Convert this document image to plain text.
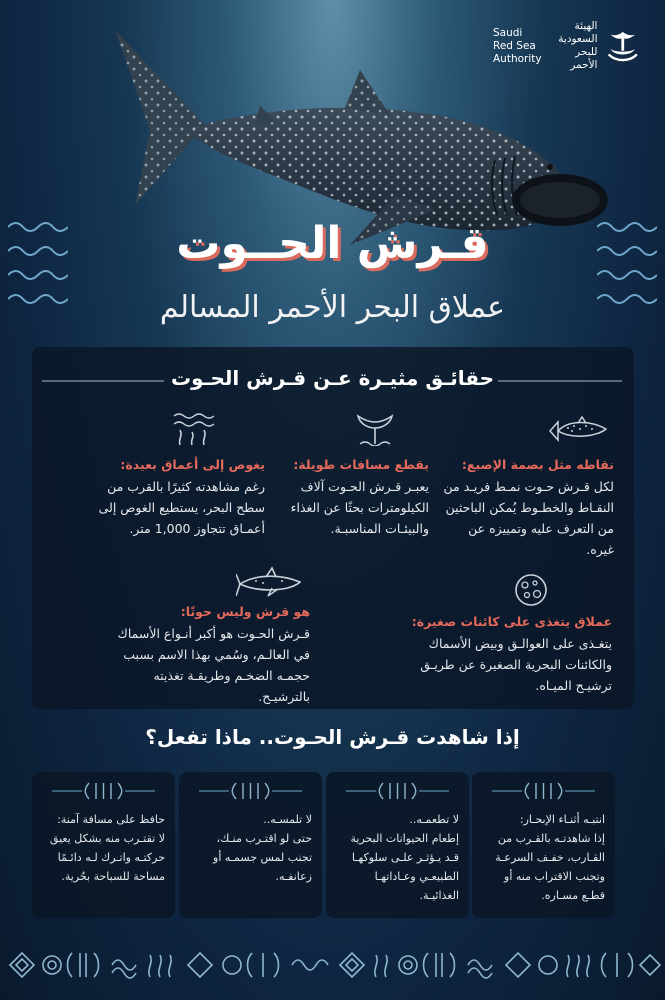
Saudi
Red Sea
Authority
الهيئة
السعودية
للبحر الأحمر
قـرش الحــوت
عملاق البحر الأحمر المسالم
حقائـق مثيـرة عـن قـرش الحـوت
نقاطه مثل بصمة الإصبع:
لكل قـرش حـوت نمـط فريـد من النقـاط والخطـوط يُمكن الباحثين من التعرف عليه وتمييزه عن غيره.
يقطع مسافات طويلة:
يعبـر قـرش الحـوت آلاف الكيلومترات بحثًا عن الغذاء والبيئـات المناسبـة.
يغوص إلى أعماق بعيدة:
رغم مشاهدته كثيرًا بالقرب من سطح البحر، يستطيع الغوص إلى أعمـاق تتجاوز 1,000 متر.
عملاق يتغذى على كائنات صغيرة:
يتغـذى على العوالـق وبيض الأسماك والكائنات البحرية الصغيرة عن طريـق ترشيـح الميـاه.
هو قرش وليس حوتًا:
قـرش الحـوت هو أكبر أنـواع الأسماك في العالـم، وسُمي بهذا الاسم بسبب حجمـه الضخـم وطريقـة تغذيته بالترشيـح.
إذا شاهدت قـرش الحـوت.. ماذا تفعل؟
انتبـه أثنـاء الإبحـار:
إذا شاهدتـه بالقـرب من القـارب، خفـف السرعـة وتجنب الاقتراب منه أو قطـع مسـاره.
لا تطعمـه..
إطعام الحيوانات البحرية قـد يـؤثـر علـى سلوكهـا الطبيعـي وعـاداتهـا الغذائيـة.
لا تلمسـه..
حتى لو اقتـرب منـك، تجنب لمس جسمـه أو زعانفـه.
حافظ على مسافة آمنة:
لا تقتـرب منه بشكل يعيق حركتـه واتـرك لـه دائـمًا مساحة للسباحة بحُرية.
